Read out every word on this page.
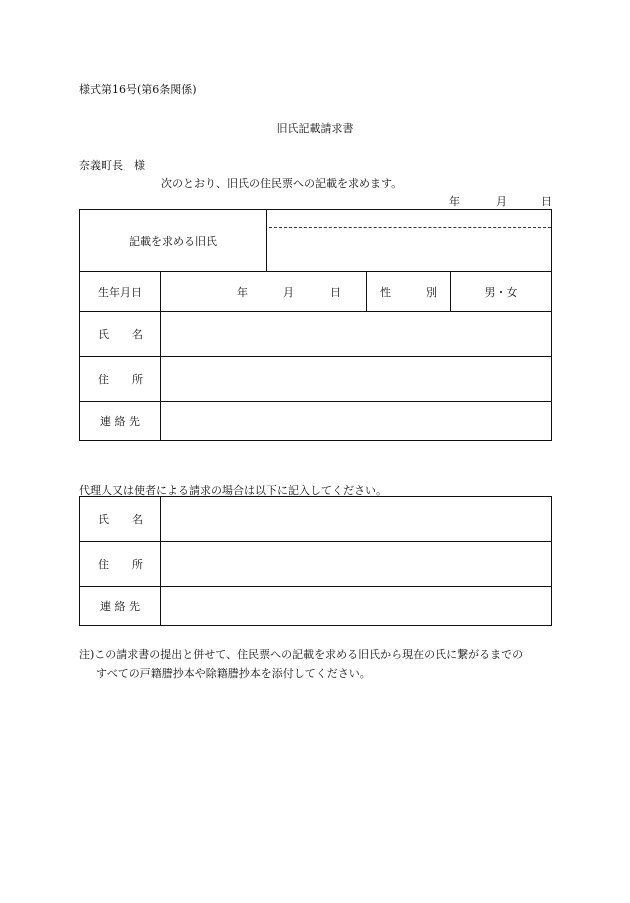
様式第16号(第6条関係)
旧氏記載請求書
奈義町長　様
次のとおり、旧氏の住民票への記載を求めます。
年	月	日
記載を求める旧氏				

生年月日	年 月 日		性 別	男・女

氏 名				

住 所				

連 絡 先				
代理人又は使者による請求の場合は以下に記入してください。
氏 名	

住 所	

連 絡 先	
注)この請求書の提出と併せて、住民票への記載を求める旧氏から現在の氏に繋がるまでの
すべての戸籍謄抄本や除籍謄抄本を添付してください。
